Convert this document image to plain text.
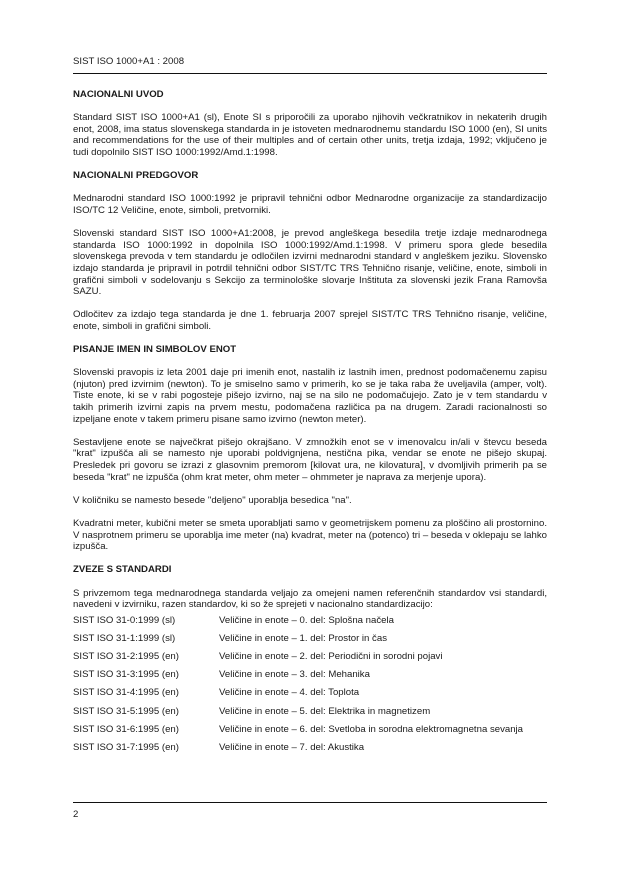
SIST ISO 1000+A1 : 2008
NACIONALNI UVOD

Standard SIST ISO 1000+A1 (sl), Enote SI s priporočili za uporabo njihovih večkratnikov in nekaterih drugih enot, 2008, ima status slovenskega standarda in je istoveten mednarodnemu standardu ISO 1000 (en), SI units and recommendations for the use of their multiples and of certain other units, tretja izdaja, 1992; vključeno je tudi dopolnilo SIST ISO 1000:1992/Amd.1:1998.

NACIONALNI PREDGOVOR

Mednarodni standard ISO 1000:1992 je pripravil tehnični odbor Mednarodne organizacije za standardizacijo ISO/TC 12 Veličine, enote, simboli, pretvorniki.

Slovenski standard SIST ISO 1000+A1:2008, je prevod angleškega besedila tretje izdaje mednarodnega standarda ISO 1000:1992 in dopolnila ISO 1000:1992/Amd.1:1998. V primeru spora glede besedila slovenskega prevoda v tem standardu je odločilen izvirni mednarodni standard v angleškem jeziku. Slovensko izdajo standarda je pripravil in potrdil tehnični odbor SIST/TC TRS Tehnično risanje, veličine, enote, simboli in grafični simboli v sodelovanju s Sekcijo za terminološke slovarje Inštituta za slovenski jezik Frana Ramovša SAZU.

Odločitev za izdajo tega standarda je dne 1. februarja 2007 sprejel SIST/TC TRS Tehnično risanje, veličine, enote, simboli in grafični simboli.

PISANJE IMEN IN SIMBOLOV ENOT

Slovenski pravopis iz leta 2001 daje pri imenih enot, nastalih iz lastnih imen, prednost podomačenemu zapisu (njuton) pred izvirnim (newton). To je smiselno samo v primerih, ko se je taka raba že uveljavila (amper, volt). Tiste enote, ki se v rabi pogosteje pišejo izvirno, naj se na silo ne podomačujejo. Zato je v tem standardu v takih primerih izvirni zapis na prvem mestu, podomačena različica pa na drugem. Zaradi racionalnosti so izpeljane enote v takem primeru pisane samo izvirno (newton meter).

Sestavljene enote se največkrat pišejo okrajšano. V zmnožkih enot se v imenovalcu in/ali v števcu beseda "krat" izpušča ali se namesto nje uporabi poldvignjena, nestična pika, vendar se enote ne pišejo skupaj. Presledek pri govoru se izrazi z glasovnim premorom [kilovat ura, ne kilovatura], v dvomljivih primerih pa se beseda "krat" ne izpušča (ohm krat meter, ohm meter – ohmmeter je naprava za merjenje upora).

V količniku se namesto besede "deljeno" uporablja besedica "na".

Kvadratni meter, kubični meter se smeta uporabljati samo v geometrijskem pomenu za ploščino ali prostornino. V nasprotnem primeru se uporablja ime meter (na) kvadrat, meter na (potenco) tri – beseda v oklepaju se lahko izpušča.

ZVEZE S STANDARDI

S privzemom tega mednarodnega standarda veljajo za omejeni namen referenčnih standardov vsi standardi, navedeni v izvirniku, razen standardov, ki so že sprejeti v nacionalno standardizacijo:

SIST ISO 31-0:1999 (sl)	Veličine in enote – 0. del: Splošna načela
SIST ISO 31-1:1999 (sl)	Veličine in enote – 1. del: Prostor in čas
SIST ISO 31-2:1995 (en)	Veličine in enote – 2. del: Periodični in sorodni pojavi
SIST ISO 31-3:1995 (en)	Veličine in enote – 3. del: Mehanika
SIST ISO 31-4:1995 (en)	Veličine in enote – 4. del: Toplota
SIST ISO 31-5:1995 (en)	Veličine in enote – 5. del: Elektrika in magnetizem
SIST ISO 31-6:1995 (en)	Veličine in enote – 6. del: Svetloba in sorodna elektromagnetna sevanja
SIST ISO 31-7:1995 (en)	Veličine in enote – 7. del: Akustika
2
